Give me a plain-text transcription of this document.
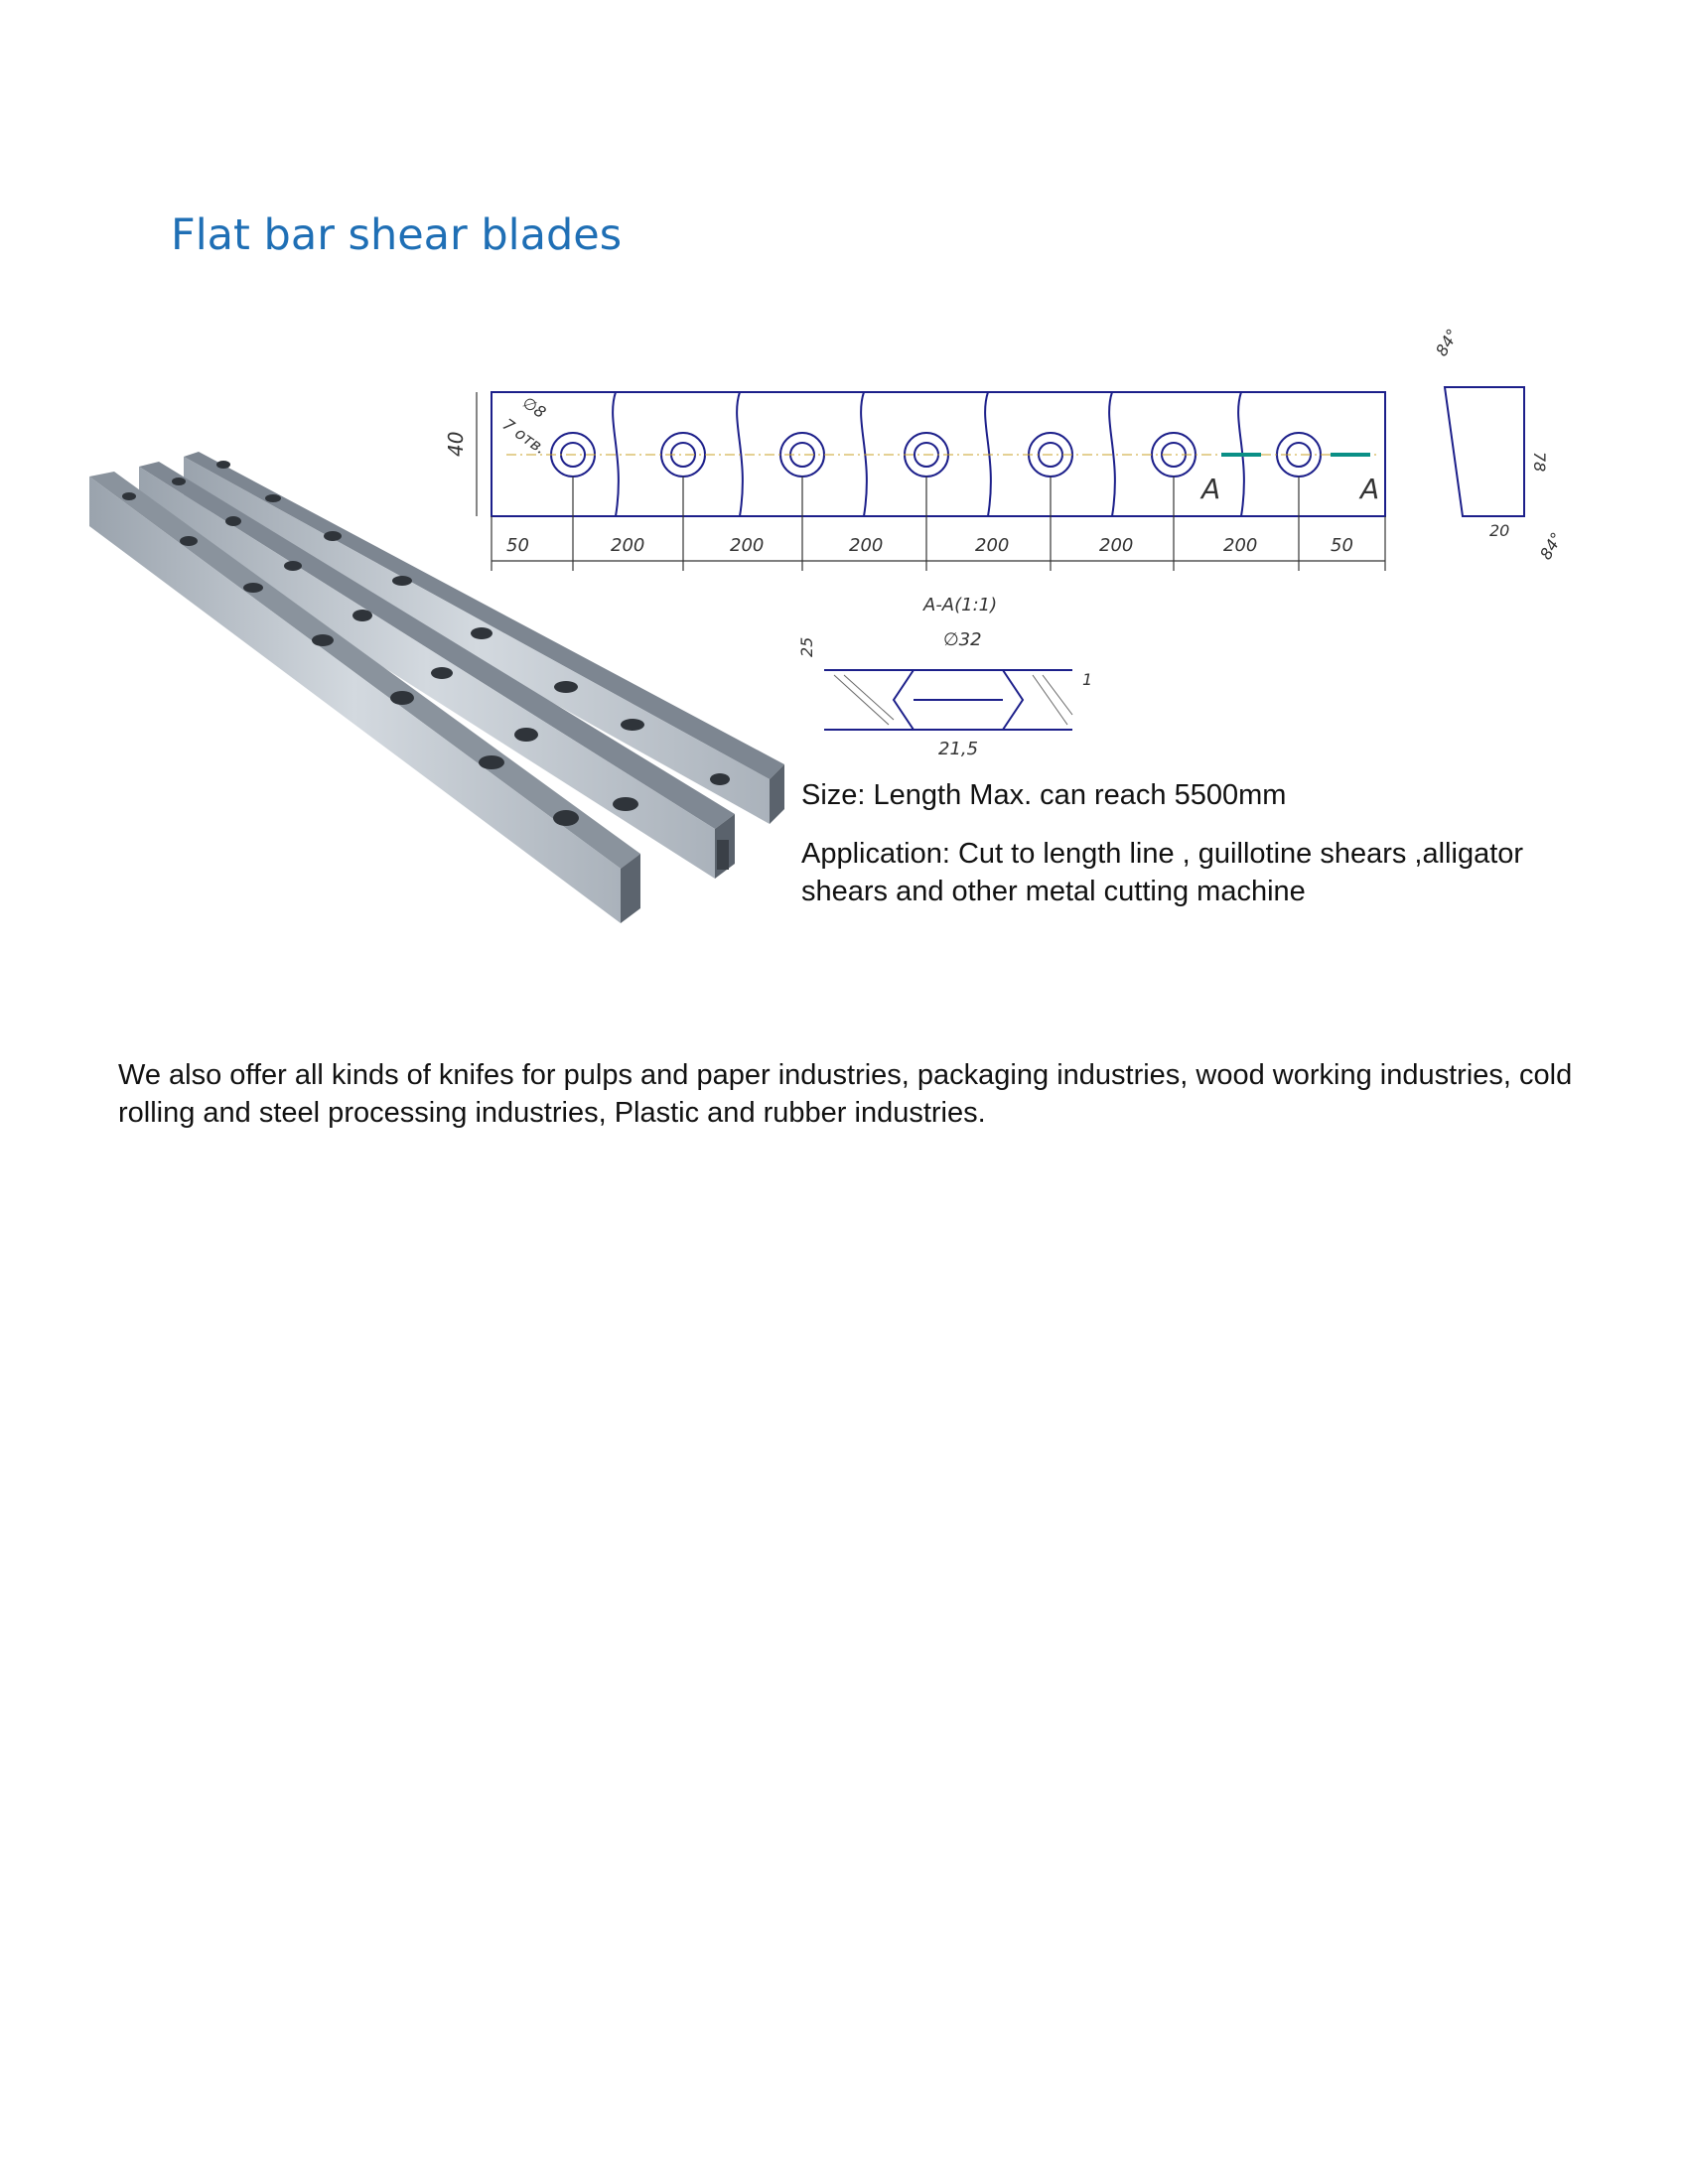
Flat bar shear blades
40
50	200	200	200	200	200	200	50
∅8
7 отв.
A	A
84°
84°
78
20
A-A(1:1)
∅32
25
21,5
1

Size: Length Max. can reach 5500mm

Application: Cut to length line , guillotine shears ,alligator shears and other metal cutting machine

We also offer all kinds of knifes for pulps and paper industries, packaging industries, wood working industries, cold rolling and steel processing industries, Plastic and rubber industries.
